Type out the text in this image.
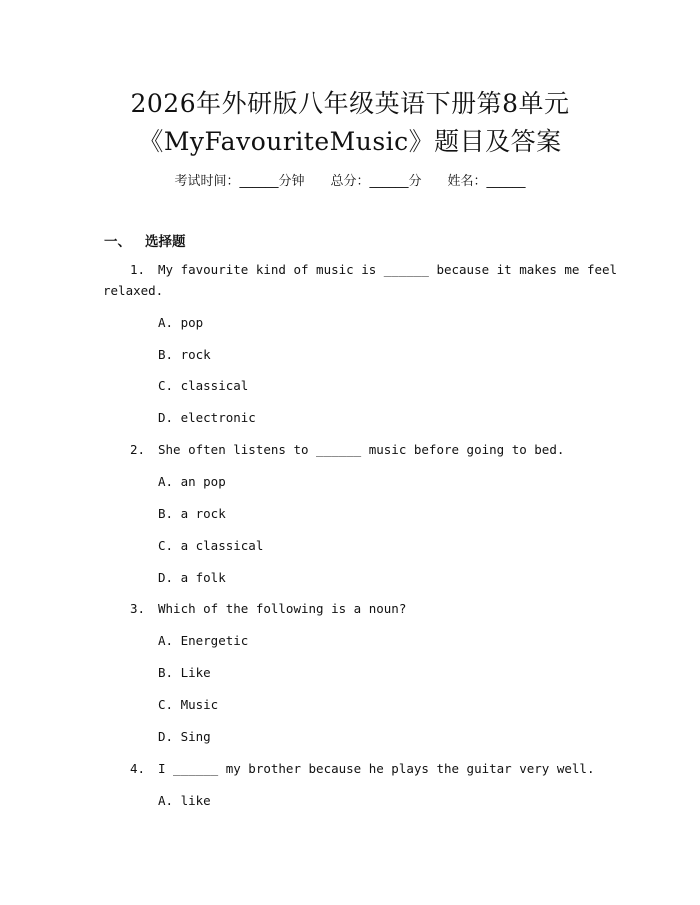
2026年外研版八年级英语下册第8单元
《MyFavouriteMusic》题目及答案
考试时间：______分钟 总分：______分 姓名：______
一、 选择题
1. My favourite kind of music is ______ because it makes me feel
relaxed.
A. pop
B. rock
C. classical
D. electronic
2. She often listens to ______ music before going to bed.
A. an pop
B. a rock
C. a classical
D. a folk
3. Which of the following is a noun?
A. Energetic
B. Like
C. Music
D. Sing
4. I ______ my brother because he plays the guitar very well.
A. like
